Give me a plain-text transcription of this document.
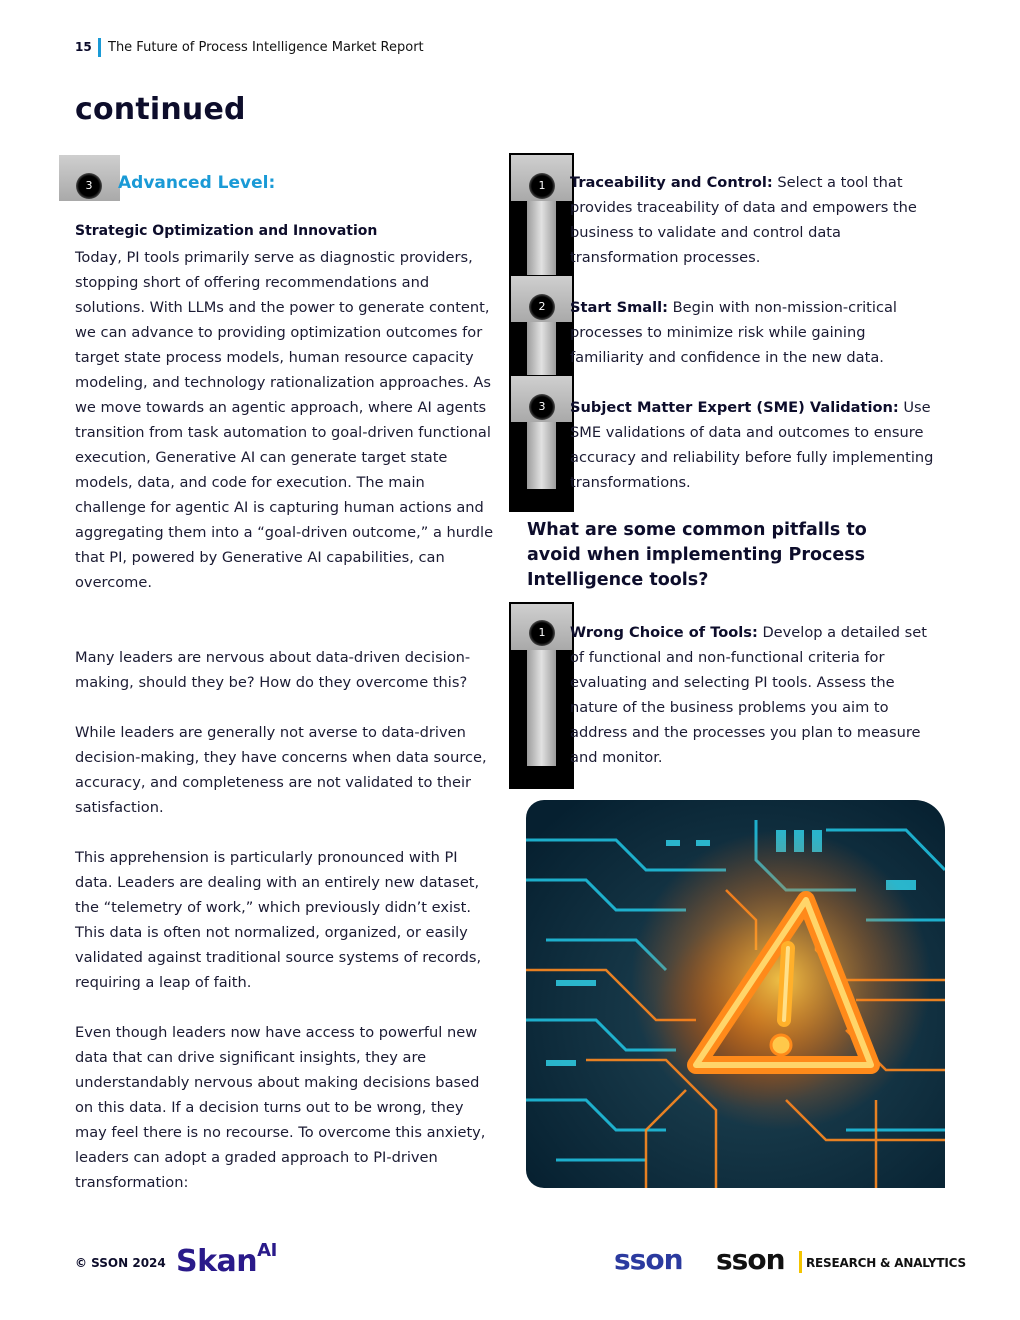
15 The Future of Process Intelligence Market Report
continued
3	Advanced Level:
Strategic Optimization and Innovation

Today, PI tools primarily serve as diagnostic providers, stopping short of offering recommendations and solutions. With LLMs and the power to generate content, we can advance to providing optimization outcomes for target state process models, human resource capacity modeling, and technology rationalization approaches. As we move towards an agentic approach, where AI agents transition from task automation to goal-driven functional execution, Generative AI can generate target state models, data, and code for execution. The main challenge for agentic AI is capturing human actions and aggregating them into a “goal-driven outcome,” a hurdle that PI, powered by Generative AI capabilities, can overcome.

Many leaders are nervous about data-driven decision-making, should they be? How do they overcome this?

While leaders are generally not averse to data-driven decision-making, they have concerns when data source, accuracy, and completeness are not validated to their satisfaction.

This apprehension is particularly pronounced with PI data. Leaders are dealing with an entirely new dataset, the “telemetry of work,” which previously didn’t exist. This data is often not normalized, organized, or easily validated against traditional source systems of records, requiring a leap of faith.

Even though leaders now have access to powerful new data that can drive significant insights, they are understandably nervous about making decisions based on this data. If a decision turns out to be wrong, they may feel there is no recourse. To overcome this anxiety, leaders can adopt a graded approach to PI-driven transformation:

1
2
3
Traceability and Control: Select a tool that provides traceability of data and empowers the business to validate and control data transformation processes.
Start Small: Begin with non-mission-critical processes to minimize risk while gaining familiarity and confidence in the new data.
Subject Matter Expert (SME) Validation: Use SME validations of data and outcomes to ensure accuracy and reliability before fully implementing transformations.
What are some common pitfalls to avoid when implementing Process Intelligence tools?
1	Wrong Choice of Tools: Develop a detailed set of functional and non-functional criteria for evaluating and selecting PI tools. Assess the nature of the business problems you aim to address and the processes you plan to measure and monitor.
© SSON 2024 Skan$^{AI}$	sson sson RESEARCH & ANALYTICS
